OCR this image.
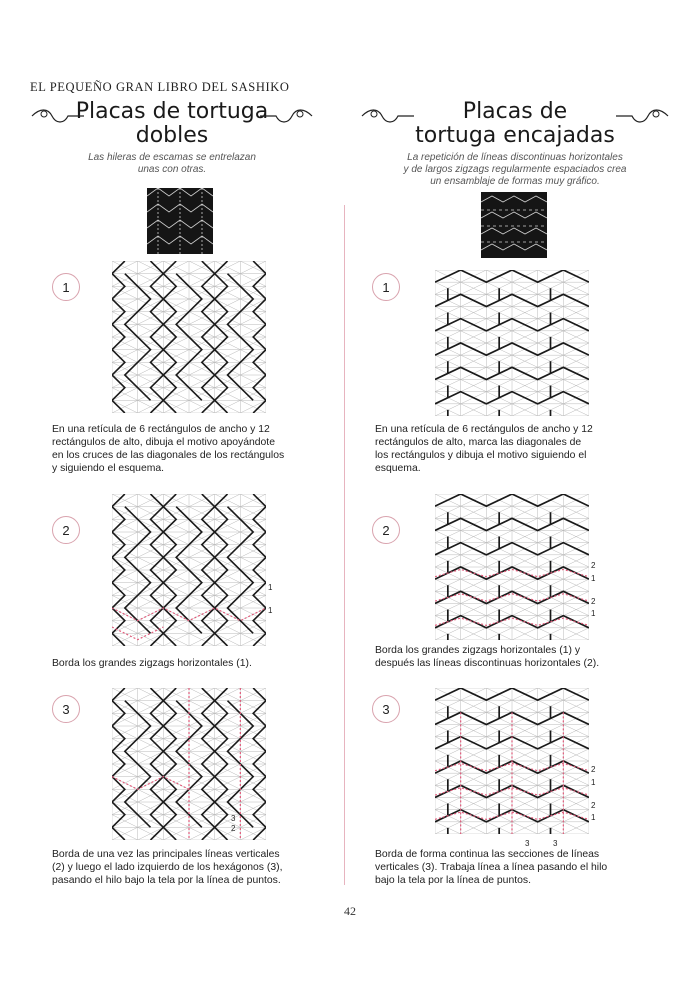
EL PEQUEÑO GRAN LIBRO DEL SASHIKO
Placas de tortuga
dobles
Las hileras de escamas se entrelazan
unas con otras.
Placas de
tortuga encajadas
La repetición de líneas discontinuas horizontales
y de largos zigzags regularmente espaciados crea
un ensamblaje de formas muy gráfico.
1
2
3
1
2
3
1
1
3
2
2
1
2
1
2
1
2
1
3	3
En una retícula de 6 rectángulos de ancho y 12
rectángulos de alto, dibuja el motivo apoyándote
en los cruces de las diagonales de los rectángulos
y siguiendo el esquema.
Borda los grandes zigzags horizontales (1).
Borda de una vez las principales líneas verticales
(2) y luego el lado izquierdo de los hexágonos (3),
pasando el hilo bajo la tela por la línea de puntos.
En una retícula de 6 rectángulos de ancho y 12
rectángulos de alto, marca las diagonales de
los rectángulos y dibuja el motivo siguiendo el
esquema.
Borda los grandes zigzags horizontales (1) y
después las líneas discontinuas horizontales (2).
Borda de forma continua las secciones de líneas
verticales (3). Trabaja línea a línea pasando el hilo
bajo la tela por la línea de puntos.
42
